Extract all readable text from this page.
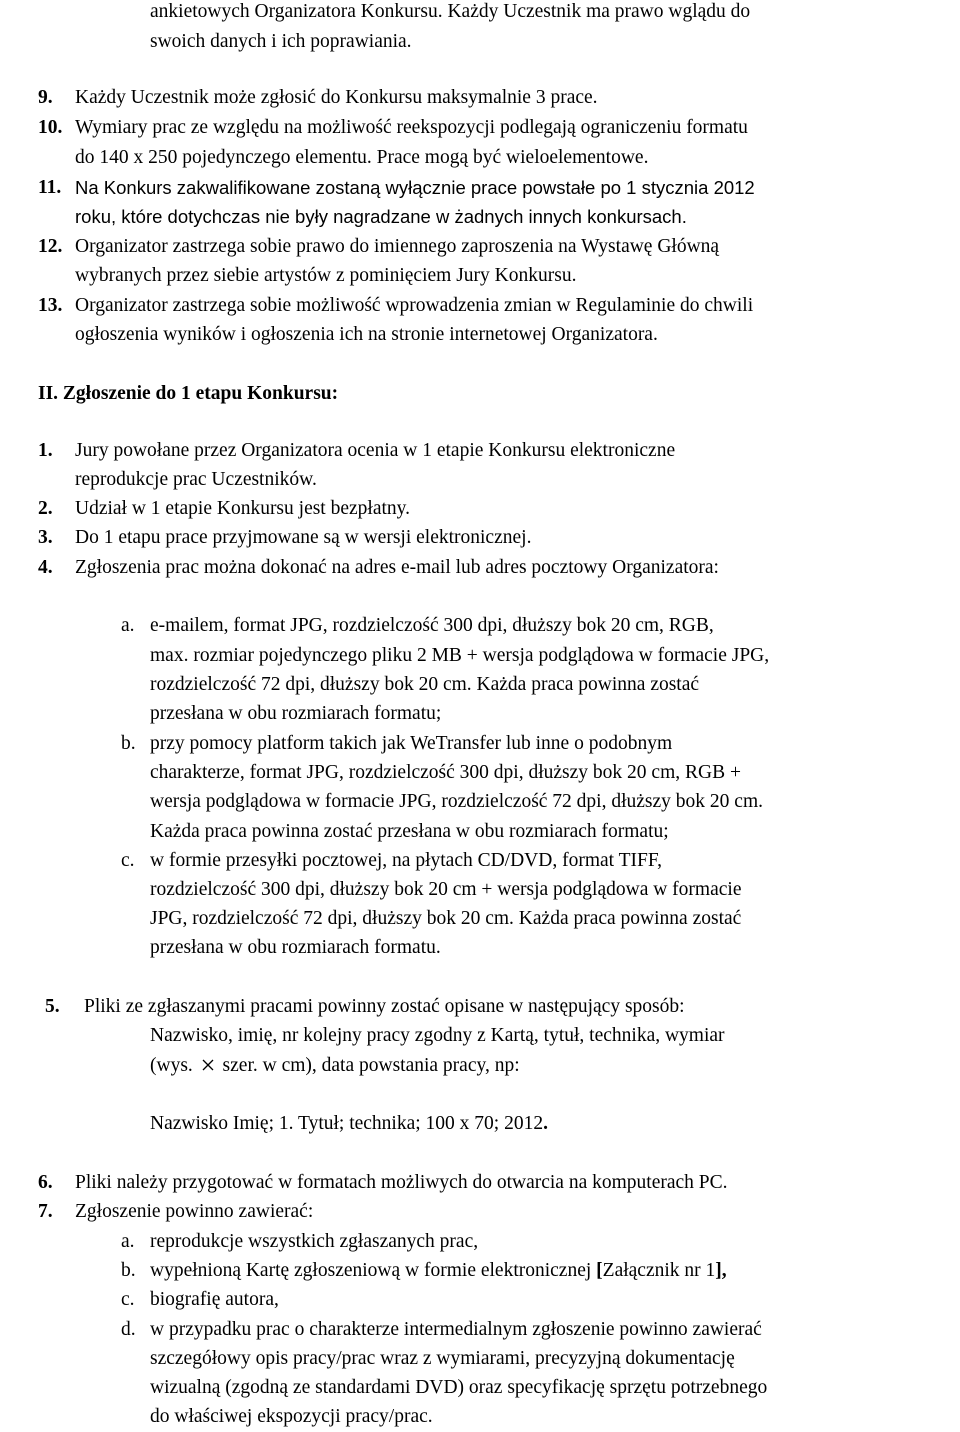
ankietowych Organizatora Konkursu. Każdy Uczestnik ma prawo wglądu do
swoich danych i ich poprawiania.
9. Każdy Uczestnik może zgłosić do Konkursu maksymalnie 3 prace.
10. Wymiary prac ze względu na możliwość reekspozycji podlegają ograniczeniu formatu
do 140 x 250 pojedynczego elementu. Prace mogą być wieloelementowe.
11. Na Konkurs zakwalifikowane zostaną wyłącznie prace powstałe po 1 stycznia 2012
roku, które dotychczas nie były nagradzane w żadnych innych konkursach.
12. Organizator zastrzega sobie prawo do imiennego zaproszenia na Wystawę Główną
wybranych przez siebie artystów z pominięciem Jury Konkursu.
13. Organizator zastrzega sobie możliwość wprowadzenia zmian w Regulaminie do chwili
ogłoszenia wyników i ogłoszenia ich na stronie internetowej Organizatora.
II. Zgłoszenie do 1 etapu Konkursu:
1. Jury powołane przez Organizatora ocenia w 1 etapie Konkursu elektroniczne
reprodukcje prac Uczestników.
2. Udział w 1 etapie Konkursu jest bezpłatny.
3. Do 1 etapu prace przyjmowane są w wersji elektronicznej.
4. Zgłoszenia prac można dokonać na adres e-mail lub adres pocztowy Organizatora:
a. e-mailem, format JPG, rozdzielczość 300 dpi, dłuższy bok 20 cm, RGB,
max. rozmiar pojedynczego pliku 2 MB + wersja podglądowa w formacie JPG,
rozdzielczość 72 dpi, dłuższy bok 20 cm. Każda praca powinna zostać
przesłana w obu rozmiarach formatu;
b. przy pomocy platform takich jak WeTransfer lub inne o podobnym
charakterze, format JPG, rozdzielczość 300 dpi, dłuższy bok 20 cm, RGB +
wersja podglądowa w formacie JPG, rozdzielczość 72 dpi, dłuższy bok 20 cm.
Każda praca powinna zostać przesłana w obu rozmiarach formatu;
c. w formie przesyłki pocztowej, na płytach CD/DVD, format TIFF,
rozdzielczość 300 dpi, dłuższy bok 20 cm + wersja podglądowa w formacie
JPG, rozdzielczość 72 dpi, dłuższy bok 20 cm. Każda praca powinna zostać
przesłana w obu rozmiarach formatu.
5. Pliki ze zgłaszanymi pracami powinny zostać opisane w następujący sposób:
Nazwisko, imię, nr kolejny pracy zgodny z Kartą, tytuł, technika, wymiar
(wys. szer. w cm), data powstania pracy, np:
Nazwisko Imię; 1. Tytuł; technika; 100 x 70; 2012.
6. Pliki należy przygotować w formatach możliwych do otwarcia na komputerach PC.
7. Zgłoszenie powinno zawierać:
a. reprodukcje wszystkich zgłaszanych prac,
b. wypełnioną Kartę zgłoszeniową w formie elektronicznej [Załącznik nr 1],
c. biografię autora,
d. w przypadku prac o charakterze intermedialnym zgłoszenie powinno zawierać
szczegółowy opis pracy/prac wraz z wymiarami, precyzyjną dokumentację
wizualną (zgodną ze standardami DVD) oraz specyfikację sprzętu potrzebnego
do właściwej ekspozycji pracy/prac.
